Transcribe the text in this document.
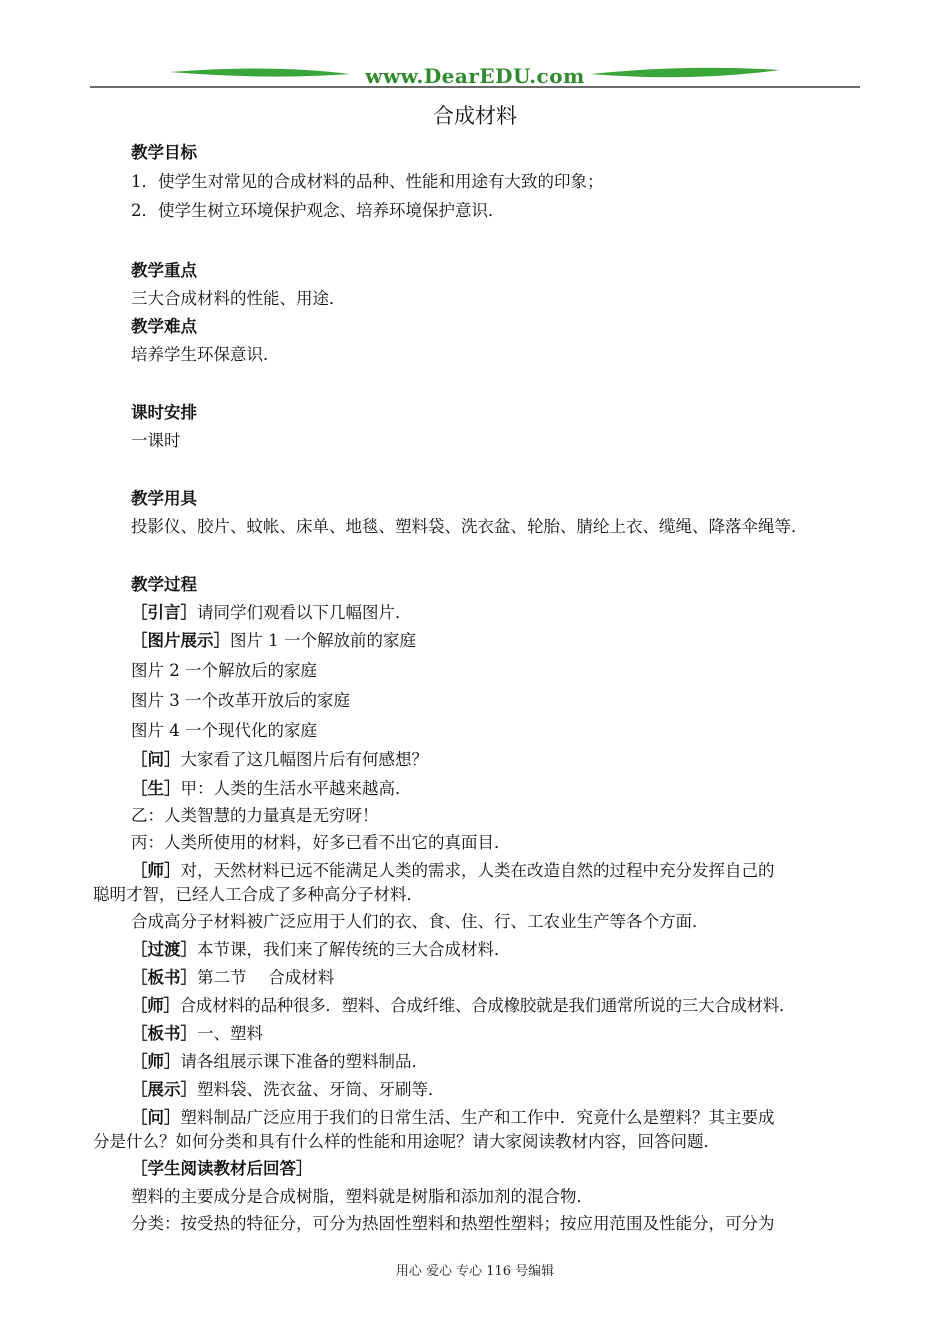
www.DearEDU.com
合成材料
教学目标
1．使学生对常见的合成材料的品种、性能和用途有大致的印象；
2．使学生树立环境保护观念、培养环境保护意识．
教学重点
三大合成材料的性能、用途．
教学难点
培养学生环保意识．
课时安排
一课时
教学用具
投影仪、胶片、蚊帐、床单、地毯、塑料袋、洗衣盆、轮胎、腈纶上衣、缆绳、降落伞绳等．
教学过程
［引言］请同学们观看以下几幅图片．
［图片展示］图片 1 一个解放前的家庭
图片 2 一个解放后的家庭
图片 3 一个改革开放后的家庭
图片 4 一个现代化的家庭
［问］大家看了这几幅图片后有何感想？
［生］甲：人类的生活水平越来越高．
乙：人类智慧的力量真是无穷呀！
丙：人类所使用的材料，好多已看不出它的真面目．
［师］对，天然材料已远不能满足人类的需求，人类在改造自然的过程中充分发挥自己的
聪明才智，已经人工合成了多种高分子材料．
合成高分子材料被广泛应用于人们的衣、食、住、行、工农业生产等各个方面．
［过渡］本节课，我们来了解传统的三大合成材料．
［板书］第二节　 合成材料
［师］合成材料的品种很多．塑料、合成纤维、合成橡胶就是我们通常所说的三大合成材料．
［板书］一、塑料
［师］请各组展示课下准备的塑料制品．
［展示］塑料袋、洗衣盆、牙筒、牙刷等．
［问］塑料制品广泛应用于我们的日常生活、生产和工作中．究竟什么是塑料？其主要成
分是什么？如何分类和具有什么样的性能和用途呢？请大家阅读教材内容，回答问题．
［学生阅读教材后回答］
塑料的主要成分是合成树脂，塑料就是树脂和添加剂的混合物．
分类：按受热的特征分，可分为热固性塑料和热塑性塑料；按应用范围及性能分，可分为
用心 爱心 专心 116 号编辑
